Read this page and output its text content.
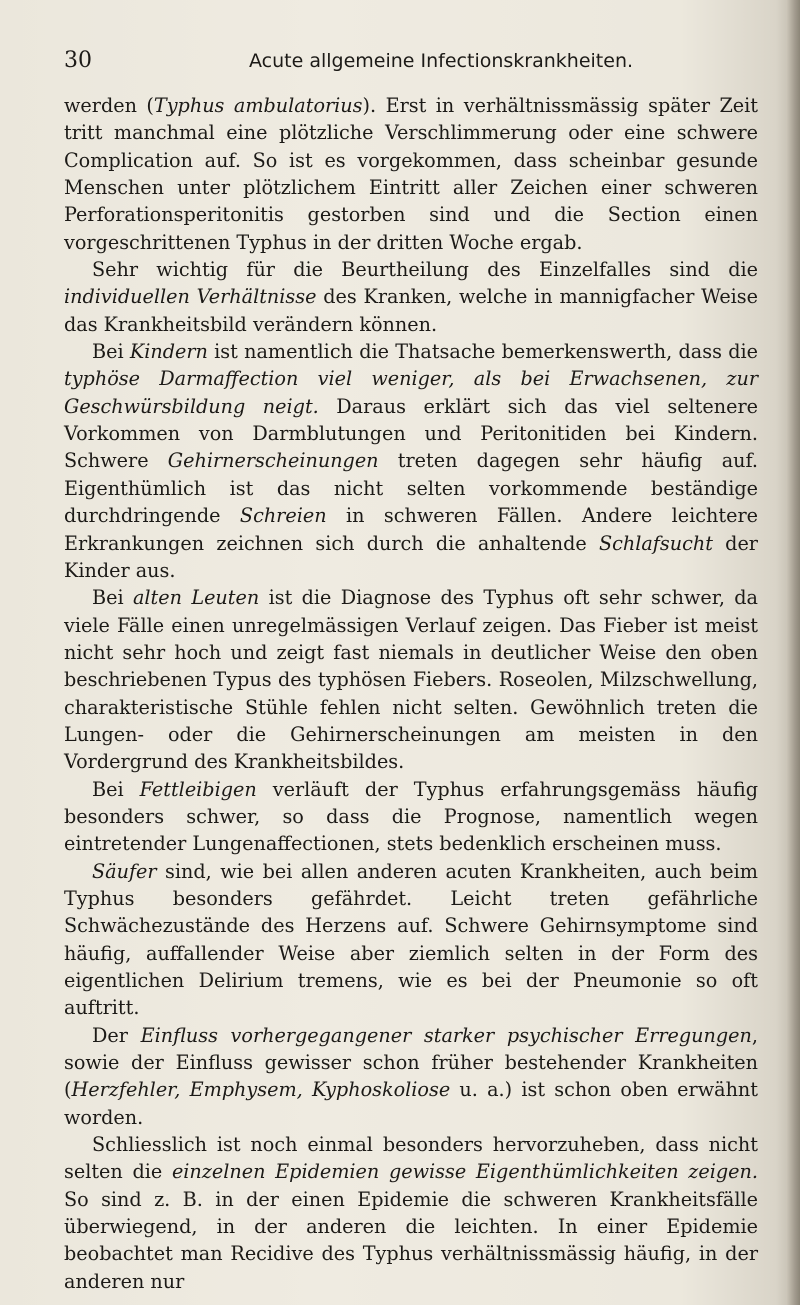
30	Acute allgemeine Infectionskrankheiten.

werden (Typhus ambulatorius). Erst in verhältnissmässig später Zeit tritt manchmal eine plötzliche Verschlimmerung oder eine schwere Complication auf. So ist es vorgekommen, dass scheinbar gesunde Menschen unter plötzlichem Eintritt aller Zeichen einer schweren Perforationsperitonitis gestorben sind und die Section einen vorgeschrittenen Typhus in der dritten Woche ergab.

Sehr wichtig für die Beurtheilung des Einzelfalles sind die individuellen Verhältnisse des Kranken, welche in mannigfacher Weise das Krankheitsbild verändern können.

Bei Kindern ist namentlich die Thatsache bemerkenswerth, dass die typhöse Darmaffection viel weniger, als bei Erwachsenen, zur Geschwürsbildung neigt. Daraus erklärt sich das viel seltenere Vorkommen von Darmblutungen und Peritonitiden bei Kindern. Schwere Gehirnerscheinungen treten dagegen sehr häufig auf. Eigenthümlich ist das nicht selten vorkommende beständige durchdringende Schreien in schweren Fällen. Andere leichtere Erkrankungen zeichnen sich durch die anhaltende Schlafsucht der Kinder aus.

Bei alten Leuten ist die Diagnose des Typhus oft sehr schwer, da viele Fälle einen unregelmässigen Verlauf zeigen. Das Fieber ist meist nicht sehr hoch und zeigt fast niemals in deutlicher Weise den oben beschriebenen Typus des typhösen Fiebers. Roseolen, Milzschwellung, charakteristische Stühle fehlen nicht selten. Gewöhnlich treten die Lungen- oder die Gehirnerscheinungen am meisten in den Vordergrund des Krankheitsbildes.

Bei Fettleibigen verläuft der Typhus erfahrungsgemäss häufig besonders schwer, so dass die Prognose, namentlich wegen eintretender Lungenaffectionen, stets bedenklich erscheinen muss.

Säufer sind, wie bei allen anderen acuten Krankheiten, auch beim Typhus besonders gefährdet. Leicht treten gefährliche Schwächezustände des Herzens auf. Schwere Gehirnsymptome sind häufig, auffallender Weise aber ziemlich selten in der Form des eigentlichen Delirium tremens, wie es bei der Pneumonie so oft auftritt.

Der Einfluss vorhergegangener starker psychischer Erregungen, sowie der Einfluss gewisser schon früher bestehender Krankheiten (Herzfehler, Emphysem, Kyphoskoliose u. a.) ist schon oben erwähnt worden.

Schliesslich ist noch einmal besonders hervorzuheben, dass nicht selten die einzelnen Epidemien gewisse Eigenthümlichkeiten zeigen. So sind z. B. in der einen Epidemie die schweren Krankheitsfälle überwiegend, in der anderen die leichten. In einer Epidemie beobachtet man Recidive des Typhus verhältnissmässig häufig, in der anderen nur
